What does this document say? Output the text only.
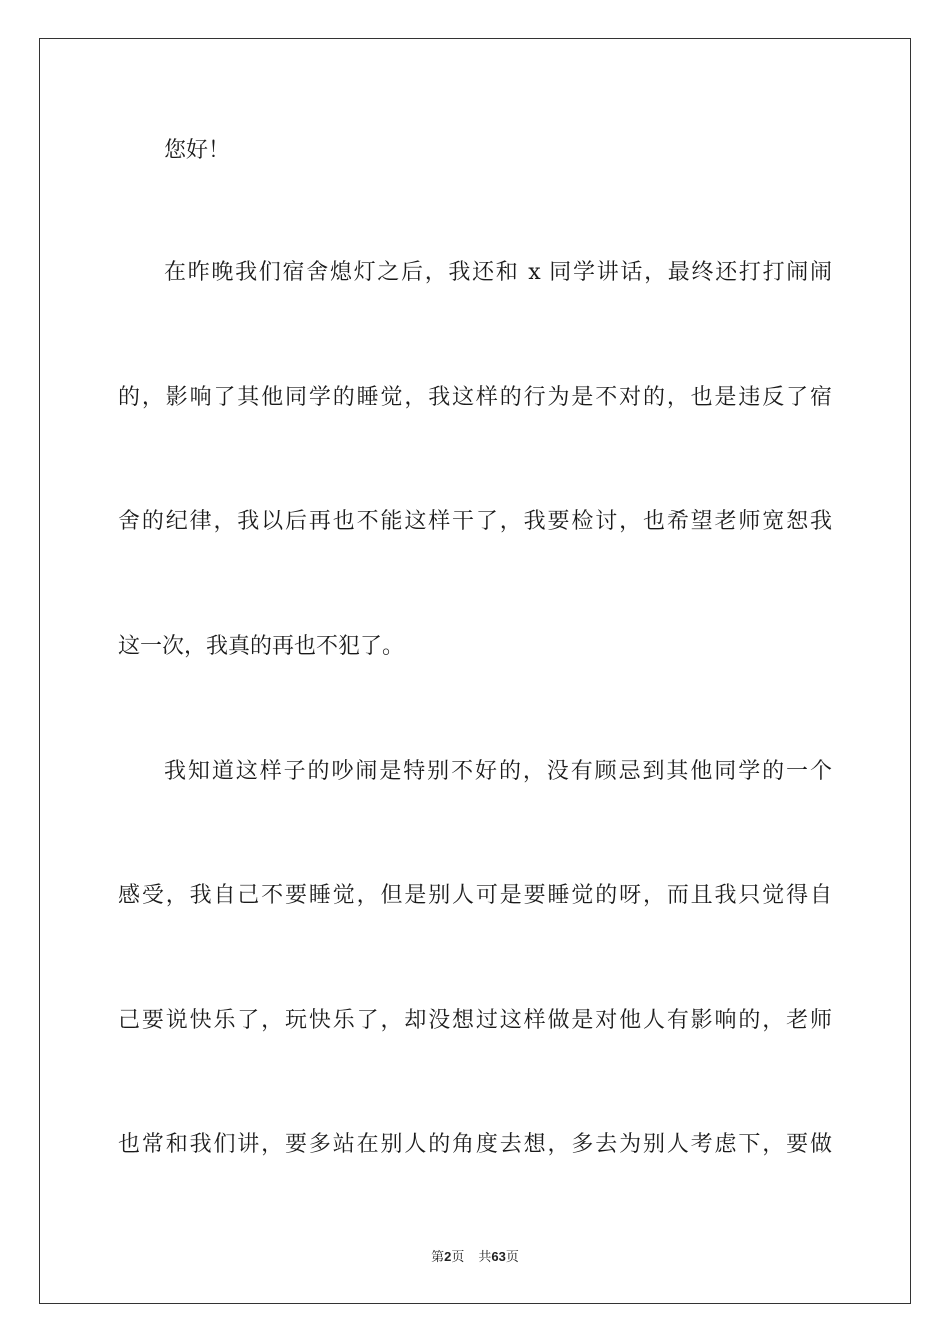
您好！
在昨晚我们宿舍熄灯之后，我还和 x 同学讲话，最终还打打闹闹
的，影响了其他同学的睡觉，我这样的行为是不对的，也是违反了宿
舍的纪律，我以后再也不能这样干了，我要检讨，也希望老师宽恕我
这一次，我真的再也不犯了。
我知道这样子的吵闹是特别不好的，没有顾忌到其他同学的一个
感受，我自己不要睡觉，但是别人可是要睡觉的呀，而且我只觉得自
己要说快乐了，玩快乐了，却没想过这样做是对他人有影响的，老师
也常和我们讲，要多站在别人的角度去想，多去为别人考虑下，要做
第2页 共63页
